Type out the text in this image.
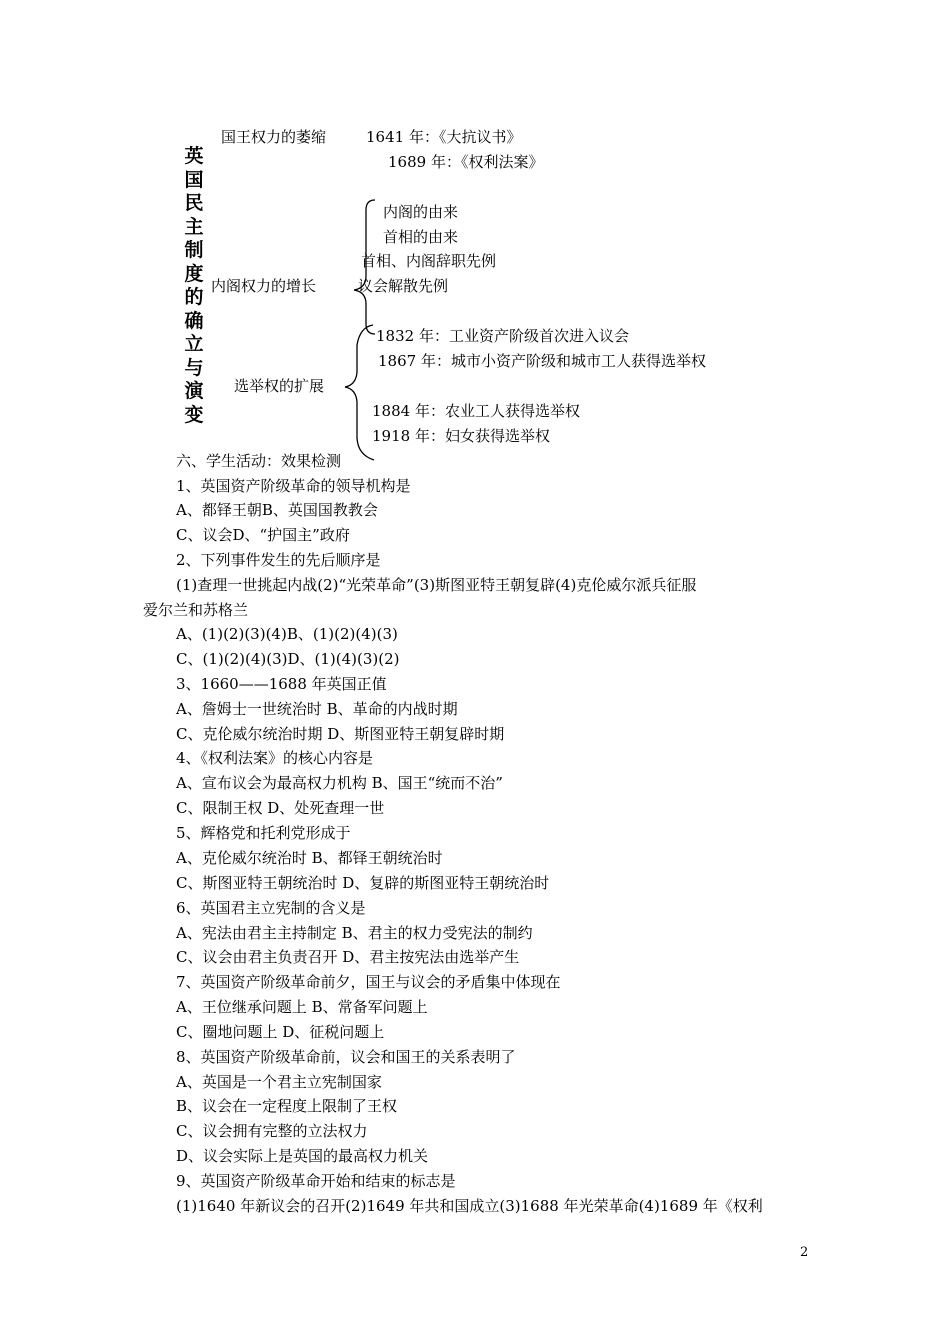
英国民主制度的确立与演变
国王权力的萎缩	1641 年：《大抗议书》
1689 年：《权利法案》
内阁权力的增长
内阁的由来
首相的由来
首相、内阁辞职先例
议会解散先例
选举权的扩展
1832 年：工业资产阶级首次进入议会
1867 年：城市小资产阶级和城市工人获得选举权
1884 年：农业工人获得选举权
1918 年：妇女获得选举权
六、学生活动：效果检测
1、英国资产阶级革命的领导机构是
A、都铎王朝B、英国国教教会
C、议会D、“护国主”政府
2、下列事件发生的先后顺序是
(1)查理一世挑起内战(2)“光荣革命”(3)斯图亚特王朝复辟(4)克伦威尔派兵征服
爱尔兰和苏格兰
A、(1)(2)(3)(4)B、(1)(2)(4)(3)
C、(1)(2)(4)(3)D、(1)(4)(3)(2)
3、1660——1688 年英国正值
A、詹姆士一世统治时 B、革命的内战时期
C、克伦威尔统治时期 D、斯图亚特王朝复辟时期
4、《权利法案》的核心内容是
A、宣布议会为最高权力机构 B、国王“统而不治”
C、限制王权 D、处死查理一世
5、辉格党和托利党形成于
A、克伦威尔统治时 B、都铎王朝统治时
C、斯图亚特王朝统治时 D、复辟的斯图亚特王朝统治时
6、英国君主立宪制的含义是
A、宪法由君主主持制定 B、君主的权力受宪法的制约
C、议会由君主负责召开 D、君主按宪法由选举产生
7、英国资产阶级革命前夕，国王与议会的矛盾集中体现在
A、王位继承问题上 B、常备军问题上
C、圈地问题上 D、征税问题上
8、英国资产阶级革命前，议会和国王的关系表明了
A、英国是一个君主立宪制国家
B、议会在一定程度上限制了王权
C、议会拥有完整的立法权力
D、议会实际上是英国的最高权力机关
9、英国资产阶级革命开始和结束的标志是
(1)1640 年新议会的召开(2)1649 年共和国成立(3)1688 年光荣革命(4)1689 年《权利
2
